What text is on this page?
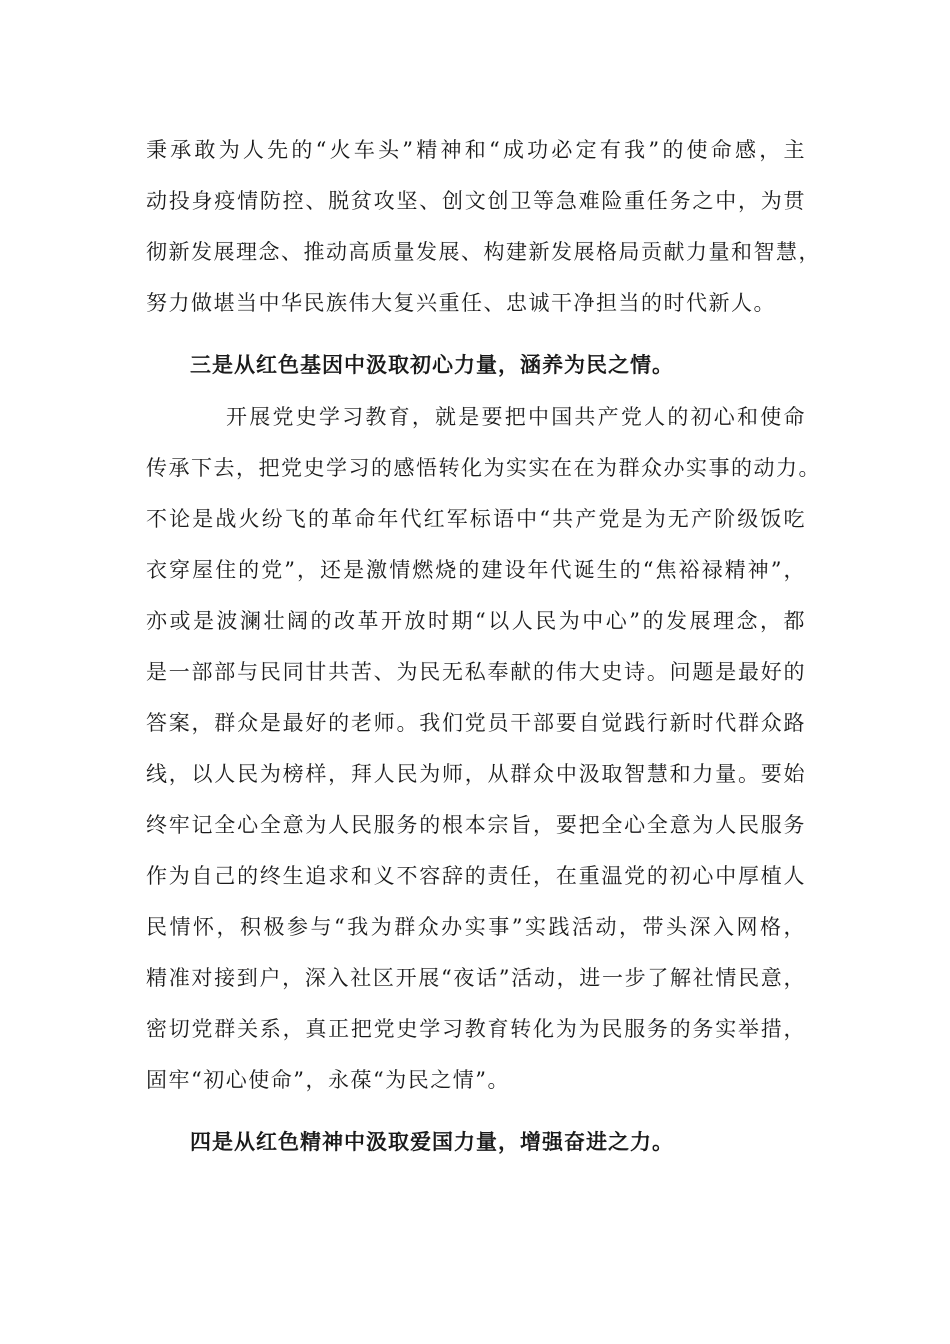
秉承敢为人先的“火车头”精神和“成功必定有我”的使命感，主
动投身疫情防控、脱贫攻坚、创文创卫等急难险重任务之中，为贯
彻新发展理念、推动高质量发展、构建新发展格局贡献力量和智慧，
努力做堪当中华民族伟大复兴重任、忠诚干净担当的时代新人。
三是从红色基因中汲取初心力量，涵养为民之情。
开展党史学习教育，就是要把中国共产党人的初心和使命
传承下去，把党史学习的感悟转化为实实在在为群众办实事的动力。
不论是战火纷飞的革命年代红军标语中“共产党是为无产阶级饭吃
衣穿屋住的党”，还是激情燃烧的建设年代诞生的“焦裕禄精神”，
亦或是波澜壮阔的改革开放时期“以人民为中心”的发展理念，都
是一部部与民同甘共苦、为民无私奉献的伟大史诗。问题是最好的
答案，群众是最好的老师。我们党员干部要自觉践行新时代群众路
线，以人民为榜样，拜人民为师，从群众中汲取智慧和力量。要始
终牢记全心全意为人民服务的根本宗旨，要把全心全意为人民服务
作为自己的终生追求和义不容辞的责任，在重温党的初心中厚植人
民情怀，积极参与“我为群众办实事”实践活动，带头深入网格，
精准对接到户，深入社区开展“夜话”活动，进一步了解社情民意，
密切党群关系，真正把党史学习教育转化为为民服务的务实举措，
固牢“初心使命”，永葆“为民之情”。
四是从红色精神中汲取爱国力量，增强奋进之力。
